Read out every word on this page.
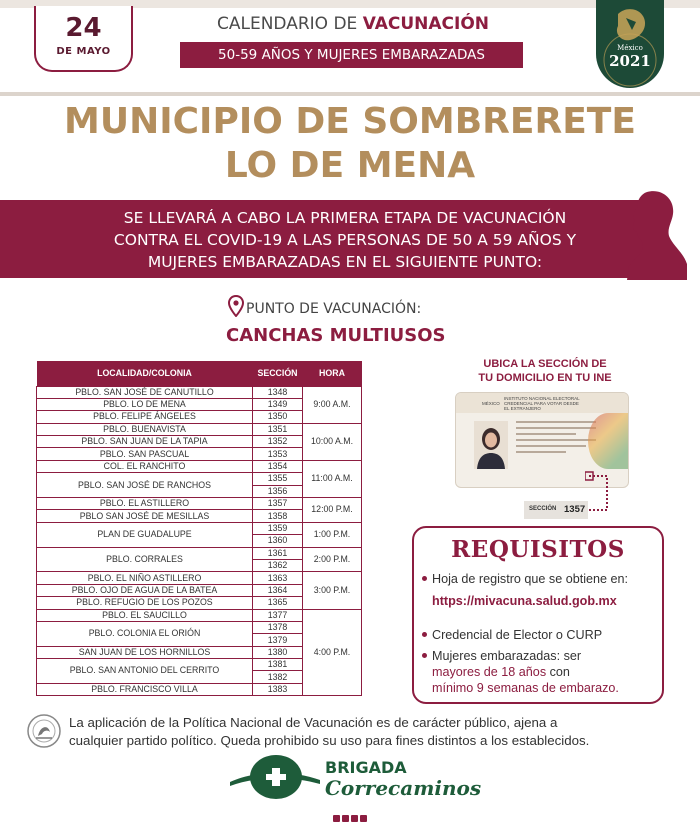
24
DE MAYO
CALENDARIO DE VACUNACIÓN
50-59 AÑOS Y MUJERES EMBARAZADAS	México
2021
MUNICIPIO DE SOMBRERETE
LO DE MENA
SE LLEVARÁ A CABO LA PRIMERA ETAPA DE VACUNACIÓN
CONTRA EL COVID-19 A LAS PERSONAS DE 50 A 59 AÑOS Y
MUJERES EMBARAZADAS EN EL SIGUIENTE PUNTO:
PUNTO DE VACUNACIÓN:
CANCHAS MULTIUSOS
LOCALIDAD/COLONIA	SECCIÓN	HORA
PBLO. SAN JOSÉ DE CANUTILLO	1348	9:00 A.M.
PBLO. LO DE MENA	1349	
PBLO. FELIPE ÁNGELES	1350	
PBLO. BUENAVISTA	1351	10:00 A.M.
PBLO. SAN JUAN DE LA TAPIA	1352	
PBLO. SAN PASCUAL	1353	
COL. EL RANCHITO	1354	11:00 A.M.
PBLO. SAN JOSÉ DE RANCHOS	1355	
	1356	
PBLO. EL ASTILLERO	1357	12:00 P.M.
PBLO SAN JOSÉ DE MESILLAS	1358	
PLAN DE GUADALUPE	1359	1:00 P.M.
	1360	
PBLO. CORRALES	1361	2:00 P.M.
	1362	
PBLO. EL NIÑO ASTILLERO	1363	3:00 P.M.
PBLO. OJO DE AGUA DE LA BATEA	1364	
PBLO. REFUGIO DE LOS POZOS	1365	
PBLO. EL SAUCILLO	1377	4:00 P.M.
PBLO. COLONIA EL ORIÓN	1378	
	1379	
SAN JUAN DE LOS HORNILLOS	1380	
PBLO. SAN ANTONIO DEL CERRITO	1381	
	1382	
PBLO. FRANCISCO VILLA	1383	
UBICA LA SECCIÓN DE
TU DOMICILIO EN TU INE
MÉXICO
INSTITUTO NACIONAL ELECTORAL CREDENCIAL PARA VOTAR DESDE EL EXTRANJERO
SECCIÓN 1357
REQUISITOS
Hoja de registro que se obtiene en:
https://mivacuna.salud.gob.mx
Credencial de Elector o CURP
Mujeres embarazadas: ser
mayores de 18 años con
mínimo 9 semanas de embarazo.
La aplicación de la Política Nacional de Vacunación es de carácter público, ajena a
cualquier partido político. Queda prohibido su uso para fines distintos a los establecidos.
BRIGADA
Correcaminos
